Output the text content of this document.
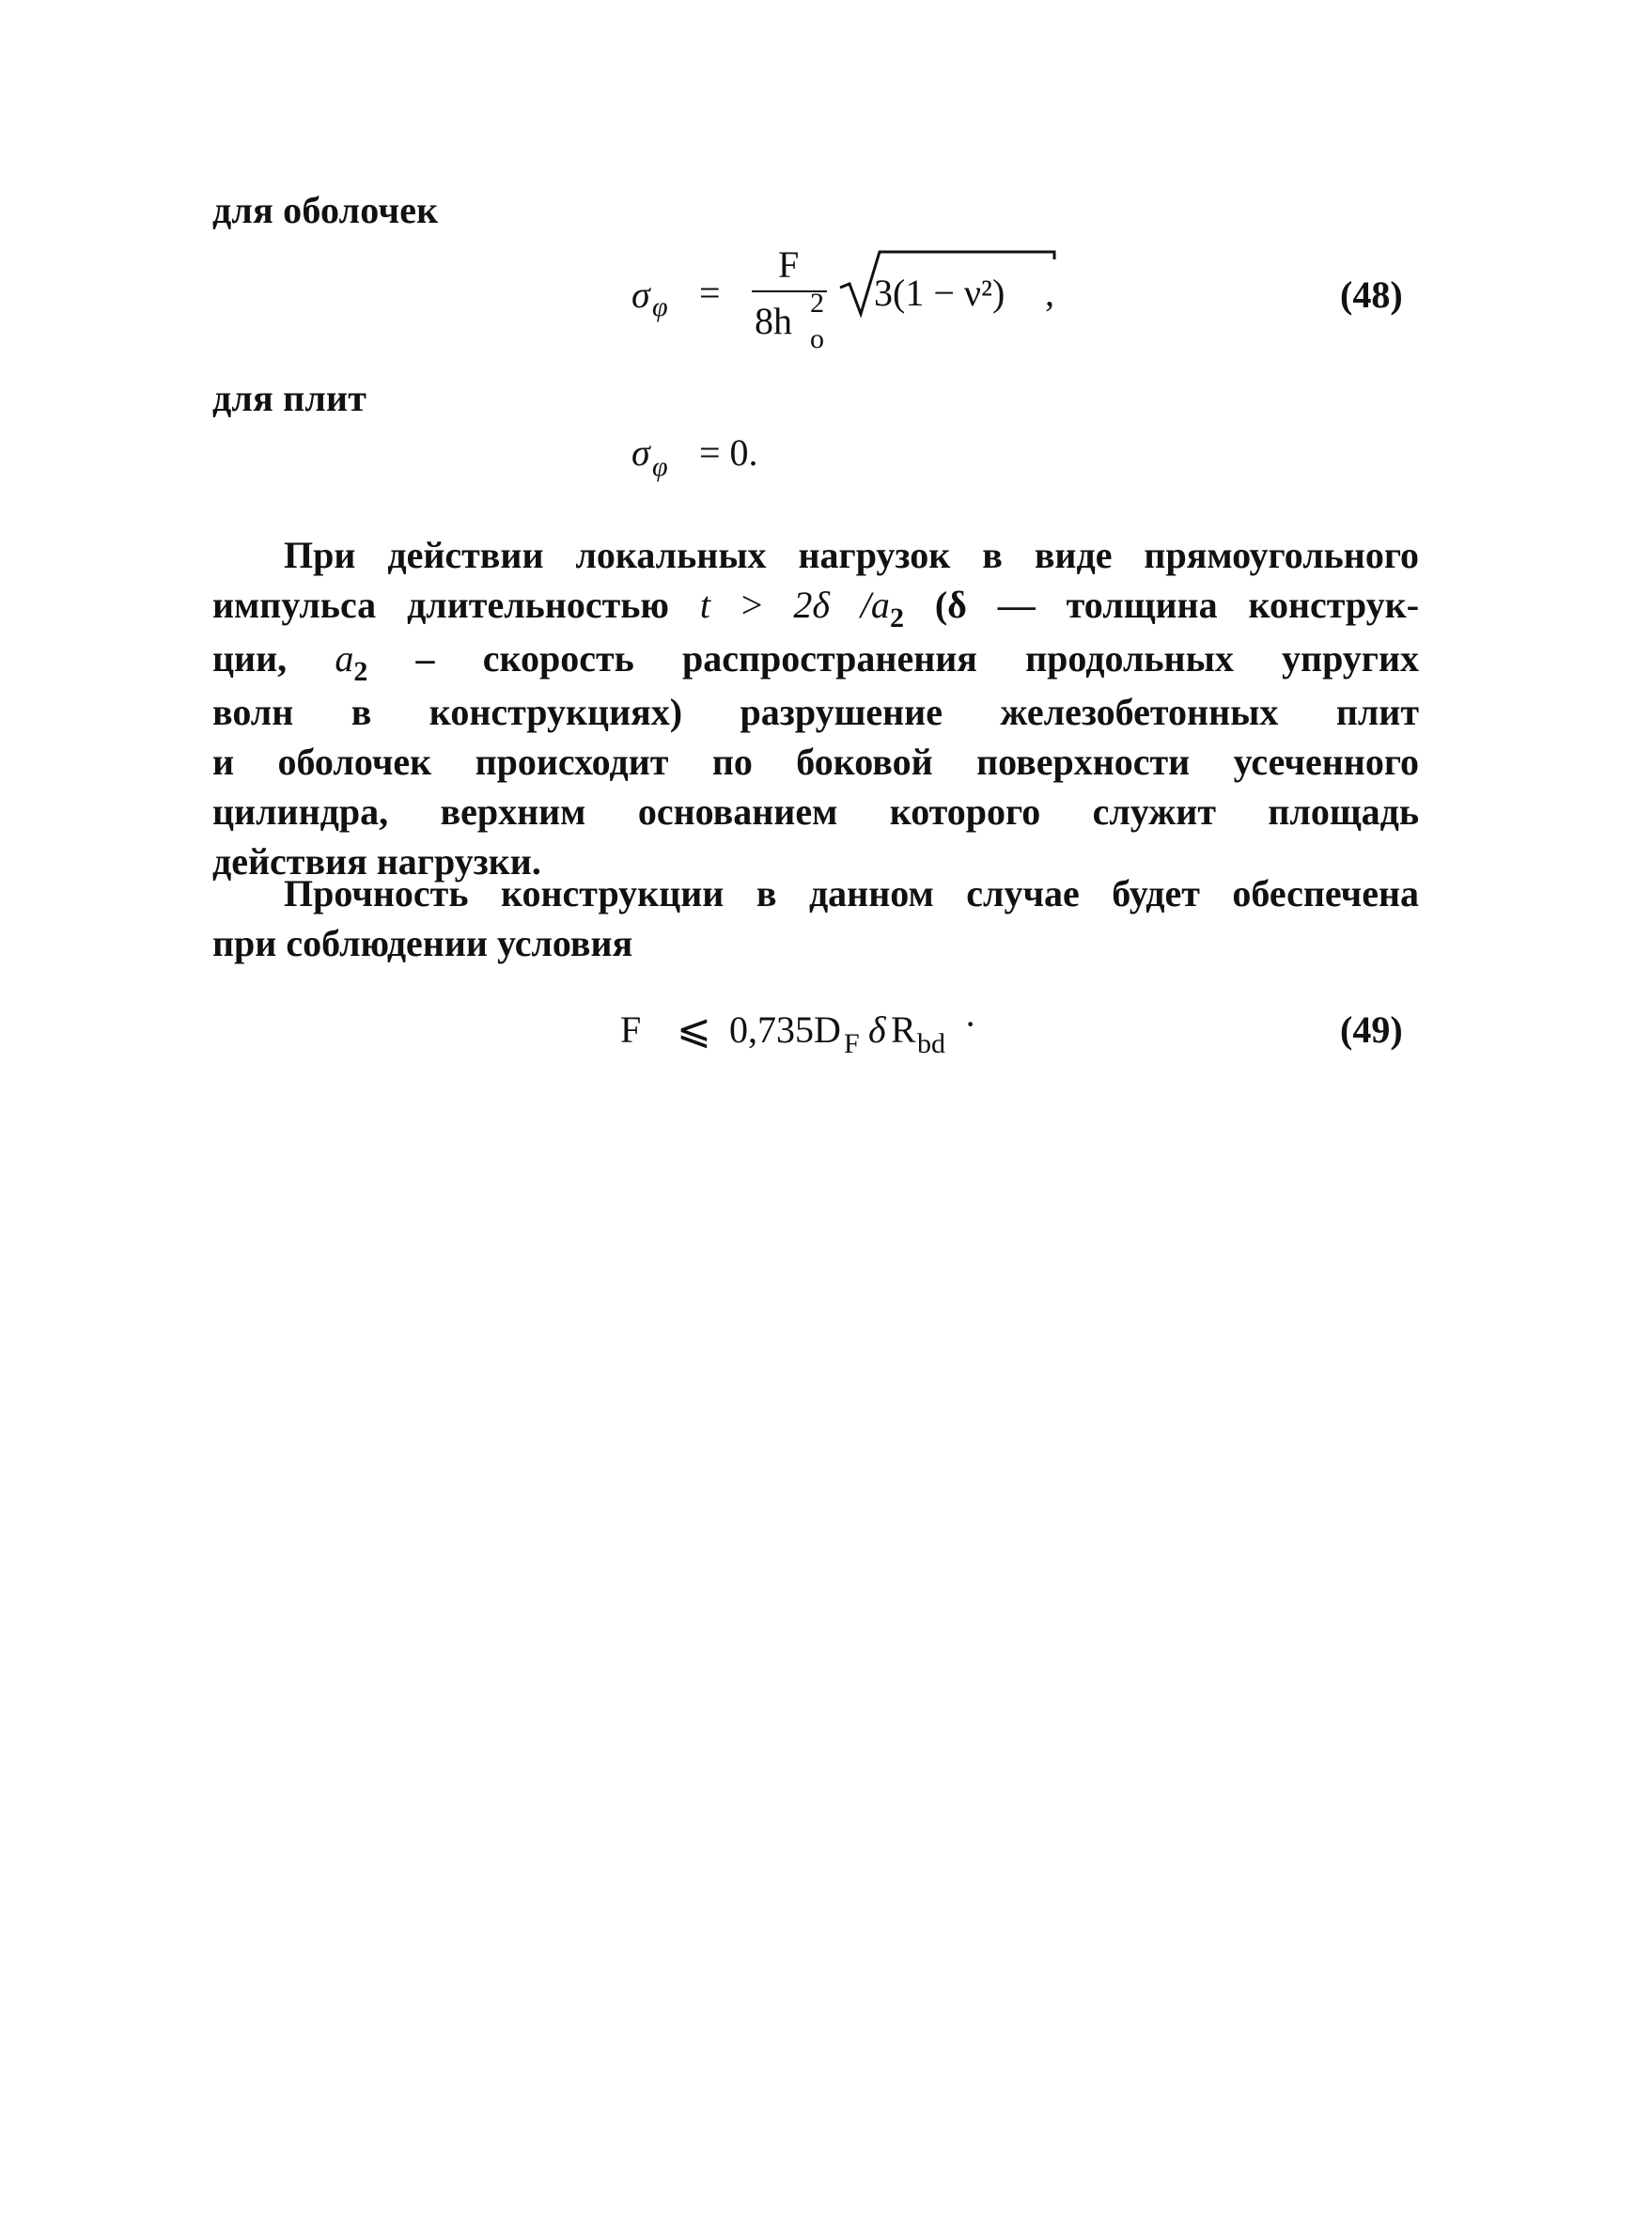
для оболочек
σ φ =
F
8h 2
o
3(1 − ν²) ,	(48)
для плит
σ φ = 0.
При действии локальных нагрузок в виде прямоугольного
импульса длительностью t > 2δ $/a_2$ (δ — толщина конструк-
ции, $a_2$ – скорость распространения продольных упругих
волн в конструкциях) разрушение железобетонных плит
и оболочек происходит по боковой поверхности усеченного
цилиндра, верхним основанием которого служит площадь
действия нагрузки.
Прочность конструкции в данном случае будет обеспечена
при соблюдении условия
F ⩽ 0,735D F δ R bd ·	(49)
